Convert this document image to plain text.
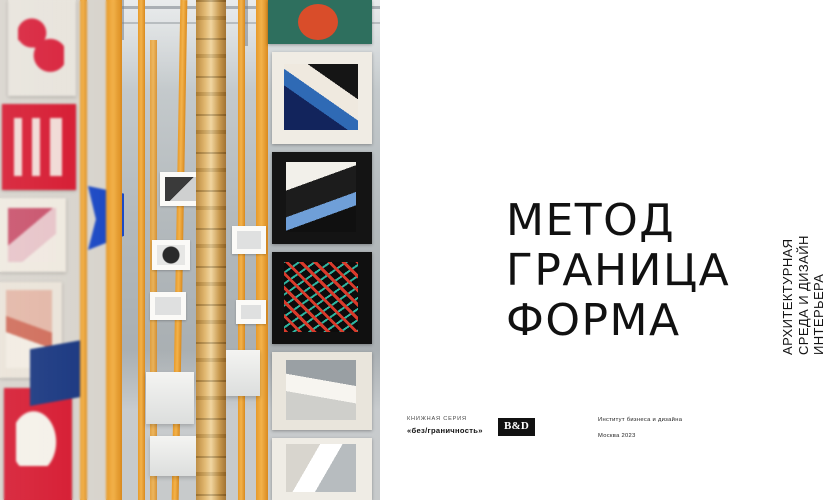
АРХИТЕКТУРНАЯ
СРЕДА И ДИЗАЙН
ИНТЕРЬЕРА
МЕТОД
ГРАНИЦА
ФОРМА
КНИЖНАЯ СЕРИЯ
«без/граничность»	B&D	Институт бизнеса и дизайна
Москва 2023
